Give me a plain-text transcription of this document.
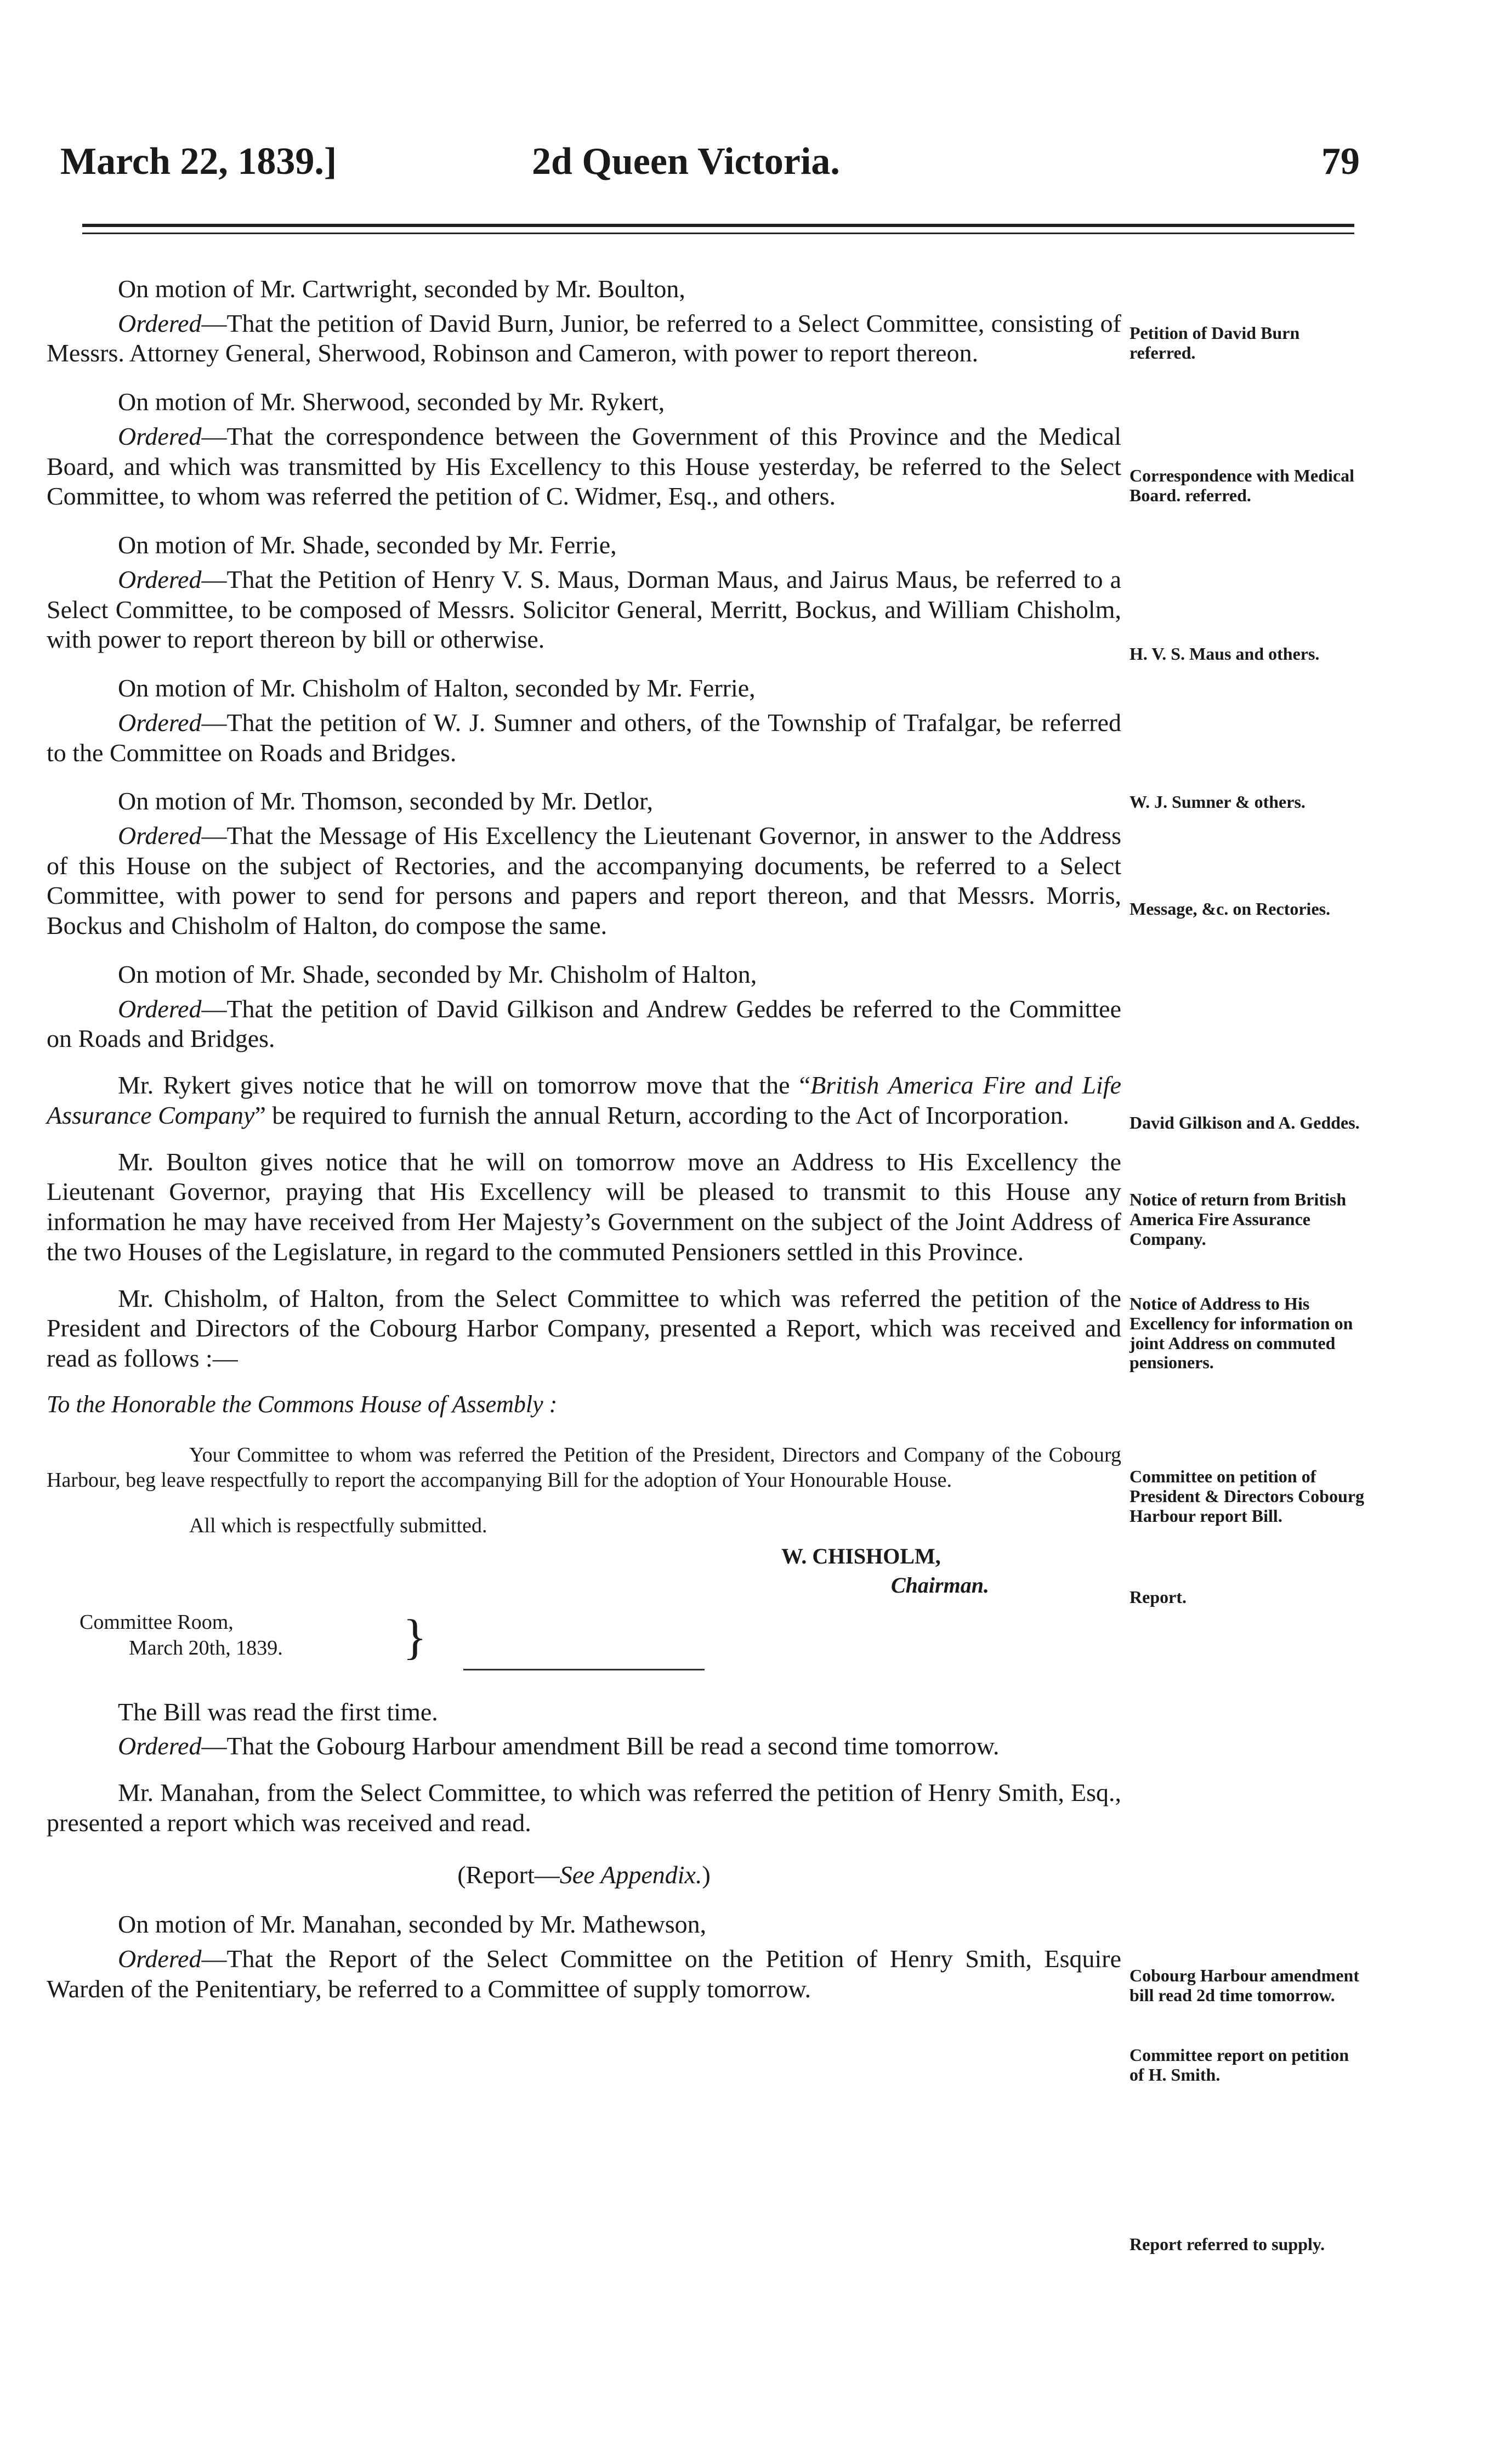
March 22, 1839.]	2d Queen Victoria.	79

On motion of Mr. Cartwright, seconded by Mr. Boulton,

Ordered—That the petition of David Burn, Junior, be referred to a Select Committee, consisting of Messrs. Attorney General, Sherwood, Robinson and Cameron, with power to report thereon.

On motion of Mr. Sherwood, seconded by Mr. Rykert,

Ordered—That the correspondence between the Government of this Province and the Medical Board, and which was transmitted by His Excellency to this House yesterday, be referred to the Select Committee, to whom was referred the petition of C. Widmer, Esq., and others.

On motion of Mr. Shade, seconded by Mr. Ferrie,

Ordered—That the Petition of Henry V. S. Maus, Dorman Maus, and Jairus Maus, be referred to a Select Committee, to be composed of Messrs. Solicitor General, Merritt, Bockus, and William Chisholm, with power to report thereon by bill or otherwise.

On motion of Mr. Chisholm of Halton, seconded by Mr. Ferrie,

Ordered—That the petition of W. J. Sumner and others, of the Township of Trafalgar, be referred to the Committee on Roads and Bridges.

On motion of Mr. Thomson, seconded by Mr. Detlor,

Ordered—That the Message of His Excellency the Lieutenant Governor, in answer to the Address of this House on the subject of Rectories, and the accompanying documents, be referred to a Select Committee, with power to send for persons and papers and report thereon, and that Messrs. Morris, Bockus and Chisholm of Halton, do compose the same.

On motion of Mr. Shade, seconded by Mr. Chisholm of Halton,

Ordered—That the petition of David Gilkison and Andrew Geddes be referred to the Committee on Roads and Bridges.

Mr. Rykert gives notice that he will on tomorrow move that the “British America Fire and Life Assurance Company” be required to furnish the annual Return, according to the Act of Incorporation.

Mr. Boulton gives notice that he will on tomorrow move an Address to His Excellency the Lieutenant Governor, praying that His Excellency will be pleased to transmit to this House any information he may have received from Her Majesty’s Government on the subject of the Joint Address of the two Houses of the Legislature, in regard to the commuted Pensioners settled in this Province.

Mr. Chisholm, of Halton, from the Select Committee to which was referred the petition of the President and Directors of the Cobourg Harbor Company, presented a Report, which was received and read as follows :—

To the Honorable the Commons House of Assembly :

Your Committee to whom was referred the Petition of the President, Directors and Company of the Cobourg Harbour, beg leave respectfully to report the accompanying Bill for the adoption of Your Honourable House.

All which is respectfully submitted.

W. CHISHOLM,

Chairman.

Committee Room,
March 20th, 1839.	}

The Bill was read the first time.

Ordered—That the Gobourg Harbour amendment Bill be read a second time tomorrow.

Mr. Manahan, from the Select Committee, to which was referred the petition of Henry Smith, Esq., presented a report which was received and read.

(Report—See Appendix.)

On motion of Mr. Manahan, seconded by Mr. Mathewson,

Ordered—That the Report of the Select Committee on the Petition of Henry Smith, Esquire Warden of the Penitentiary, be referred to a Committee of supply tomorrow.

Petition of David Burn referred.
Correspondence with Medical Board. referred.
H. V. S. Maus and others.
W. J. Sumner & others.
Message, &c. on Rectories.
David Gilkison and A. Geddes.
Notice of return from British America Fire Assurance Company.
Notice of Address to His Excellency for information on joint Address on commuted pensioners.
Committee on petition of President & Directors Cobourg Harbour report Bill.
Report.
Cobourg Harbour amendment bill read 2d time tomorrow.
Committee report on petition of H. Smith.
Report referred to supply.
